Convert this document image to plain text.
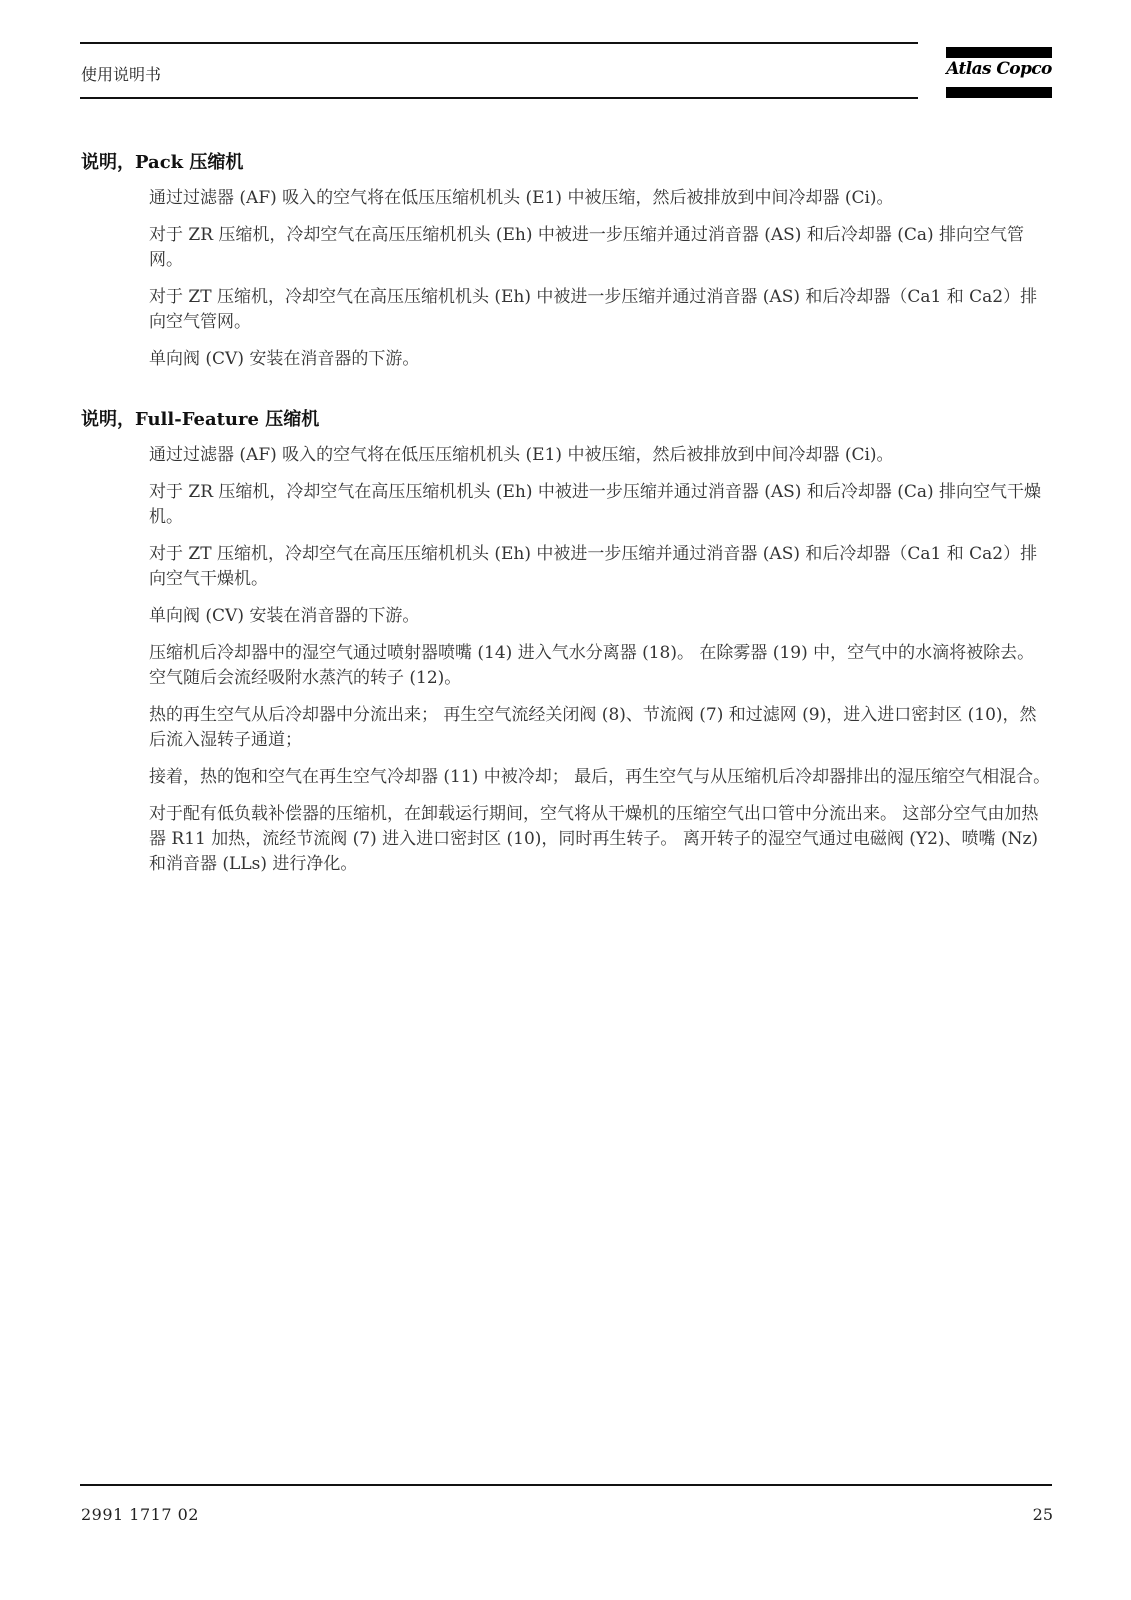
使用说明书	Atlas Copco
说明，Pack 压缩机

通过过滤器 (AF) 吸入的空气将在低压压缩机机头 (E1) 中被压缩，然后被排放到中间冷却器 (Ci)。

对于 ZR 压缩机，冷却空气在高压压缩机机头 (Eh) 中被进一步压缩并通过消音器 (AS) 和后冷却器 (Ca) 排向空气管网。

对于 ZT 压缩机，冷却空气在高压压缩机机头 (Eh) 中被进一步压缩并通过消音器 (AS) 和后冷却器（Ca1 和 Ca2）排向空气管网。

单向阀 (CV) 安装在消音器的下游。

说明，Full-Feature 压缩机

通过过滤器 (AF) 吸入的空气将在低压压缩机机头 (E1) 中被压缩，然后被排放到中间冷却器 (Ci)。

对于 ZR 压缩机，冷却空气在高压压缩机机头 (Eh) 中被进一步压缩并通过消音器 (AS) 和后冷却器 (Ca) 排向空气干燥机。

对于 ZT 压缩机，冷却空气在高压压缩机机头 (Eh) 中被进一步压缩并通过消音器 (AS) 和后冷却器（Ca1 和 Ca2）排向空气干燥机。

单向阀 (CV) 安装在消音器的下游。

压缩机后冷却器中的湿空气通过喷射器喷嘴 (14) 进入气水分离器 (18)。 在除雾器 (19) 中，空气中的水滴将被除去。 空气随后会流经吸附水蒸汽的转子 (12)。

热的再生空气从后冷却器中分流出来； 再生空气流经关闭阀 (8)、节流阀 (7) 和过滤网 (9)，进入进口密封区 (10)，然后流入湿转子通道；

接着，热的饱和空气在再生空气冷却器 (11) 中被冷却； 最后，再生空气与从压缩机后冷却器排出的湿压缩空气相混合。

对于配有低负载补偿器的压缩机，在卸载运行期间，空气将从干燥机的压缩空气出口管中分流出来。 这部分空气由加热器 R11 加热，流经节流阀 (7) 进入进口密封区 (10)，同时再生转子。 离开转子的湿空气通过电磁阀 (Y2)、喷嘴 (Nz) 和消音器 (LLs) 进行净化。

2991 1717 02	25
